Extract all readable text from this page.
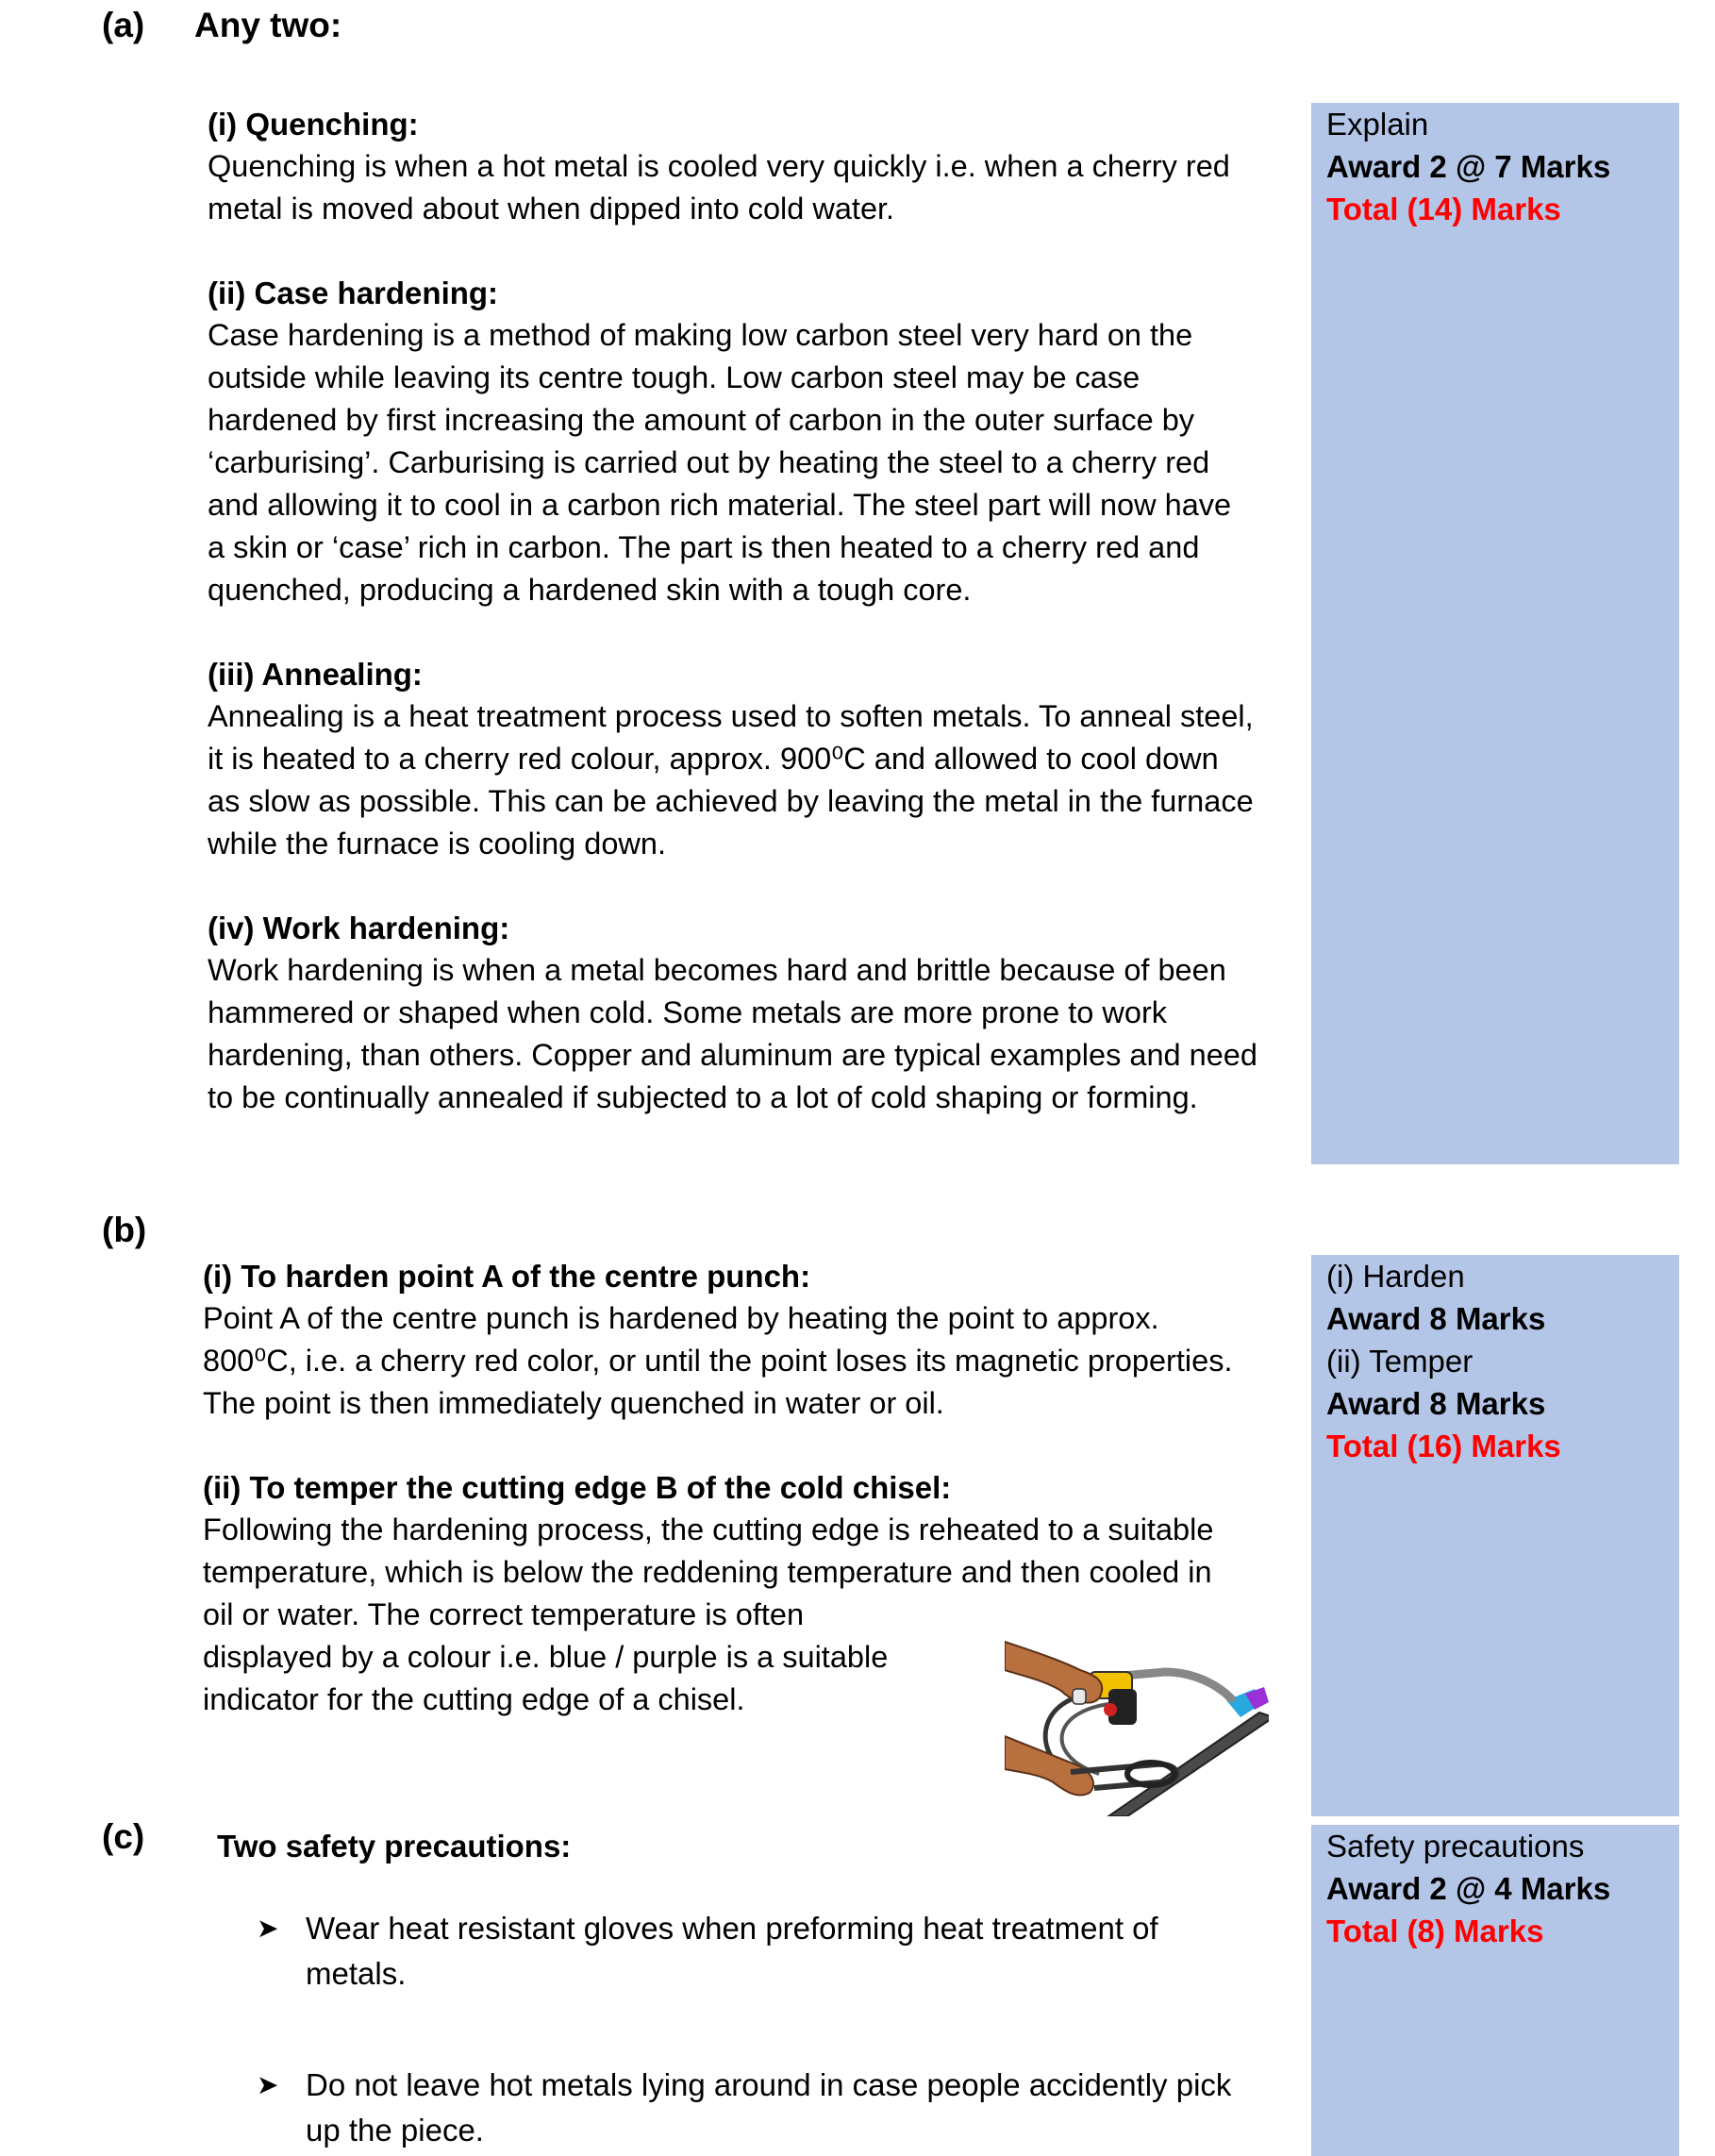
(a) Any two:
(i) Quenching:
Quenching is when a hot metal is cooled very quickly i.e. when a cherry red
metal is moved about when dipped into cold water.
(ii) Case hardening:
Case hardening is a method of making low carbon steel very hard on the
outside while leaving its centre tough. Low carbon steel may be case
hardened by first increasing the amount of carbon in the outer surface by
‘carburising’. Carburising is carried out by heating the steel to a cherry red
and allowing it to cool in a carbon rich material. The steel part will now have
a skin or ‘case’ rich in carbon. The part is then heated to a cherry red and
quenched, producing a hardened skin with a tough core.
(iii) Annealing:
Annealing is a heat treatment process used to soften metals. To anneal steel,
it is heated to a cherry red colour, approx. 900⁰C and allowed to cool down
as slow as possible. This can be achieved by leaving the metal in the furnace
while the furnace is cooling down.
(iv) Work hardening:
Work hardening is when a metal becomes hard and brittle because of been
hammered or shaped when cold. Some metals are more prone to work
hardening, than others. Copper and aluminum are typical examples and need
to be continually annealed if subjected to a lot of cold shaping or forming.
Explain
Award 2 @ 7 Marks
Total (14) Marks
(b)
(i) To harden point A of the centre punch:
Point A of the centre punch is hardened by heating the point to approx.
800⁰C, i.e. a cherry red color, or until the point loses its magnetic properties.
The point is then immediately quenched in water or oil.
(ii) To temper the cutting edge B of the cold chisel:
Following the hardening process, the cutting edge is reheated to a suitable
temperature, which is below the reddening temperature and then cooled in
oil or water. The correct temperature is often
displayed by a colour i.e. blue / purple is a suitable
indicator for the cutting edge of a chisel.
(i) Harden
Award 8 Marks
(ii) Temper
Award 8 Marks
Total (16) Marks
(c) Two safety precautions:
➤ Wear heat resistant gloves when preforming heat treatment of
metals.
➤ Do not leave hot metals lying around in case people accidently pick
up the piece.
Safety precautions
Award 2 @ 4 Marks
Total (8) Marks
